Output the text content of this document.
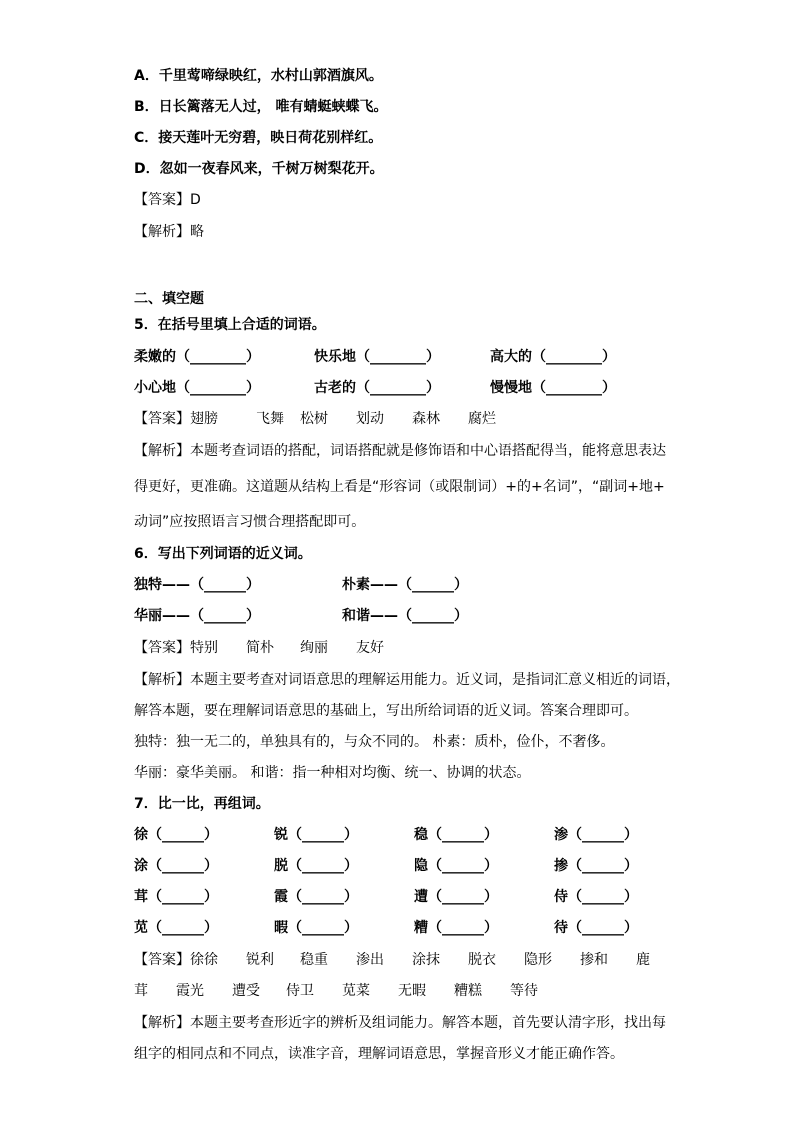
A．千里莺啼绿映红，水村山郭酒旗风。
B．日长篱落无人过， 唯有蜻蜓蛱蝶飞。
C．接天莲叶无穷碧，映日荷花别样红。
D．忽如一夜春风来，千树万树梨花开。
【答案】D
【解析】略
二、填空题
5．在括号里填上合适的词语。
柔嫩的（________）	快乐地（________）	高大的（________）
小心地（________）	古老的（________）	慢慢地（________）
【答案】 翅膀	飞舞 松树 划动 森林 腐烂
【解析】本题考查词语的搭配，词语搭配就是修饰语和中心语搭配得当，能将意思表达
得更好，更准确。这道题从结构上看是“形容词（或限制词）+的+名词”，“副词+地+
动词”应按照语言习惯合理搭配即可。
6．写出下列词语的近义词。
独特——（______）	朴素——（______）
华丽——（______）	和谐——（______）
【答案】 特别 简朴 绚丽 友好
【解析】本题主要考查对词语意思的理解运用能力。近义词，是指词汇意义相近的词语，
解答本题，要在理解词语意思的基础上，写出所给词语的近义词。答案合理即可。
独特：独一无二的，单独具有的，与众不同的。 朴素：质朴，俭仆，不奢侈。
华丽：豪华美丽。 和谐：指一种相对均衡、统一、协调的状态。
7．比一比，再组词。
徐（______）	锐（______）	稳（______）	渗（______）
涂（______）	脱（______）	隐（______）	掺（______）
茸（______）	霞（______）	遭（______）	侍（______）
苋（______）	暇（______）	糟（______）	待（______）
【答案】 徐徐 锐利 稳重 渗出 涂抹 脱衣 隐形 掺和 鹿
茸 霞光 遭受 侍卫 苋菜 无暇 糟糕 等待
【解析】本题主要考查形近字的辨析及组词能力。解答本题，首先要认清字形，找出每
组字的相同点和不同点，读准字音，理解词语意思，掌握音形义才能正确作答。
